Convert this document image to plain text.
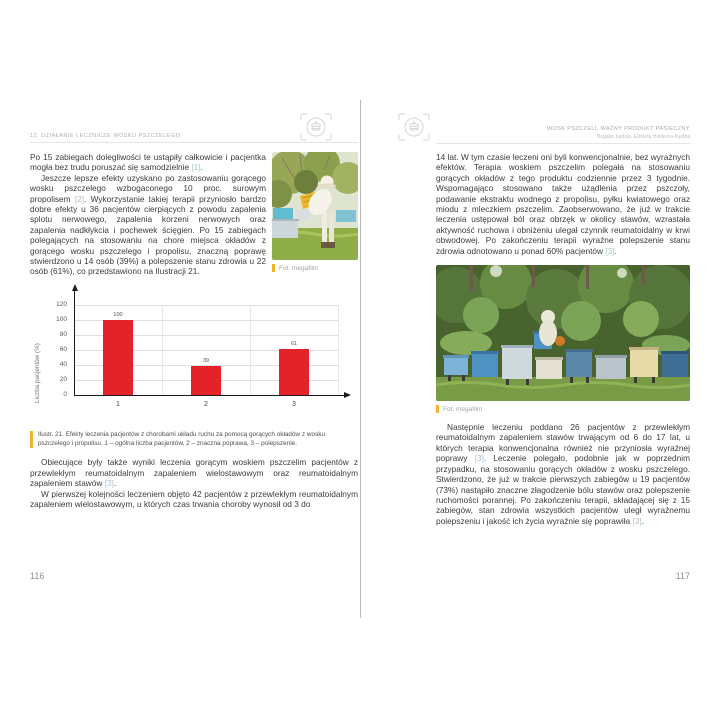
12. DZIAŁANIE LECZNICZE WOSKU PSZCZELEGO

Po 15 zabiegach dolegliwości te ustąpiły całkowicie i pacjentka mogła bez trudu poruszać się samodzielnie [1].

Jeszcze lepsze efekty uzyskano po zastosowaniu gorącego wosku pszczelego wzbogaconego 10 proc. surowym propolisem [2]. Wykorzystanie takiej terapii przyniosło bardzo dobre efekty u 36 pacjentów cierpiących z powodu zapalenia splotu nerwowego, zapalenia korzeni nerwowych oraz zapalenia nadkłykcia i pochewek ścięgien. Po 15 zabiegach polegających na stosowaniu na chore miejsca okładów z gorącego wosku pszczelego i propolisu, znaczną poprawę stwierdzono u 14 osób (39%) a polepszenie stanu zdrowia u 22 osób (61%), co przedstawiono na Ilustracji 21.	Fot. megafilm
Liczba pacjentów (%)	0
20
40
60
80
100
120
100
1
39
2
61
3
Ilustr. 21. Efekty leczenia pacjentów z chorobami układu ruchu za pomocą gorących okładów z wosku pszczelego i propolisu. 1 – ogólna liczba pacjentów, 2 – znaczna poprawa, 3 – polepszenie.

Obiecujące były także wyniki leczenia gorącym woskiem pszczelim pacjentów z przewlekłym reumatoidalnym zapaleniem wielostawowym oraz reumatoidalnym zapaleniem stawów [3].

W pierwszej kolejności leczeniem objęto 42 pacjentów z przewlekłym reumatoidalnym zapaleniem wielostawowym, u których czas trwania choroby wynosił od 3 do

116
WOSK PSZCZELI, WAŻNY PRODUKT PASIECZNY
Bogdan Kędzia, Elżbieta Hołderna-Kędzia

14 lat. W tym czasie leczeni oni byli konwencjonalnie, bez wyraźnych efektów. Terapia woskiem pszczelim polegała na stosowaniu gorących okładów z tego produktu codziennie przez 3 tygodnie. Wspomagająco stosowano także użądlenia przez pszczoły, podawanie ekstraktu wodnego z propolisu, pyłku kwiatowego oraz miodu z mleczkiem pszczelim. Zaobserwowano, że już w trakcie leczenia ustępował ból oraz obrzęk w okolicy stawów, wzrastała aktywność ruchowa i obniżeniu ulegał czynnik reumatoidalny w krwi obwodowej. Po zakończeniu terapii wyraźne polepszenie stanu zdrowia odnotowano u ponad 60% pacjentów [3].

Fot. megafilm

Następnie leczeniu poddano 26 pacjentów z przewlekłym reumatoidalnym zapaleniem stawów trwającym od 6 do 17 lat, u których terapia konwencjonalna również nie przyniosła wyraźnej poprawy [3]. Leczenie polegało, podobnie jak w poprzednim przypadku, na stosowaniu gorących okładów z wosku pszczelego. Stwierdzono, że już w trakcie pierwszych zabiegów u 19 pacjentów (73%) nastąpiło znaczne złagodzenie bólu stawów oraz polepszenie ruchomości porannej. Po zakończeniu terapii, składającej się z 15 zabiegów, stan zdrowia wszystkich pacjentów uległ wyraźnemu polepszeniu i jakość ich życia wyraźnie się poprawiła [3].

117
